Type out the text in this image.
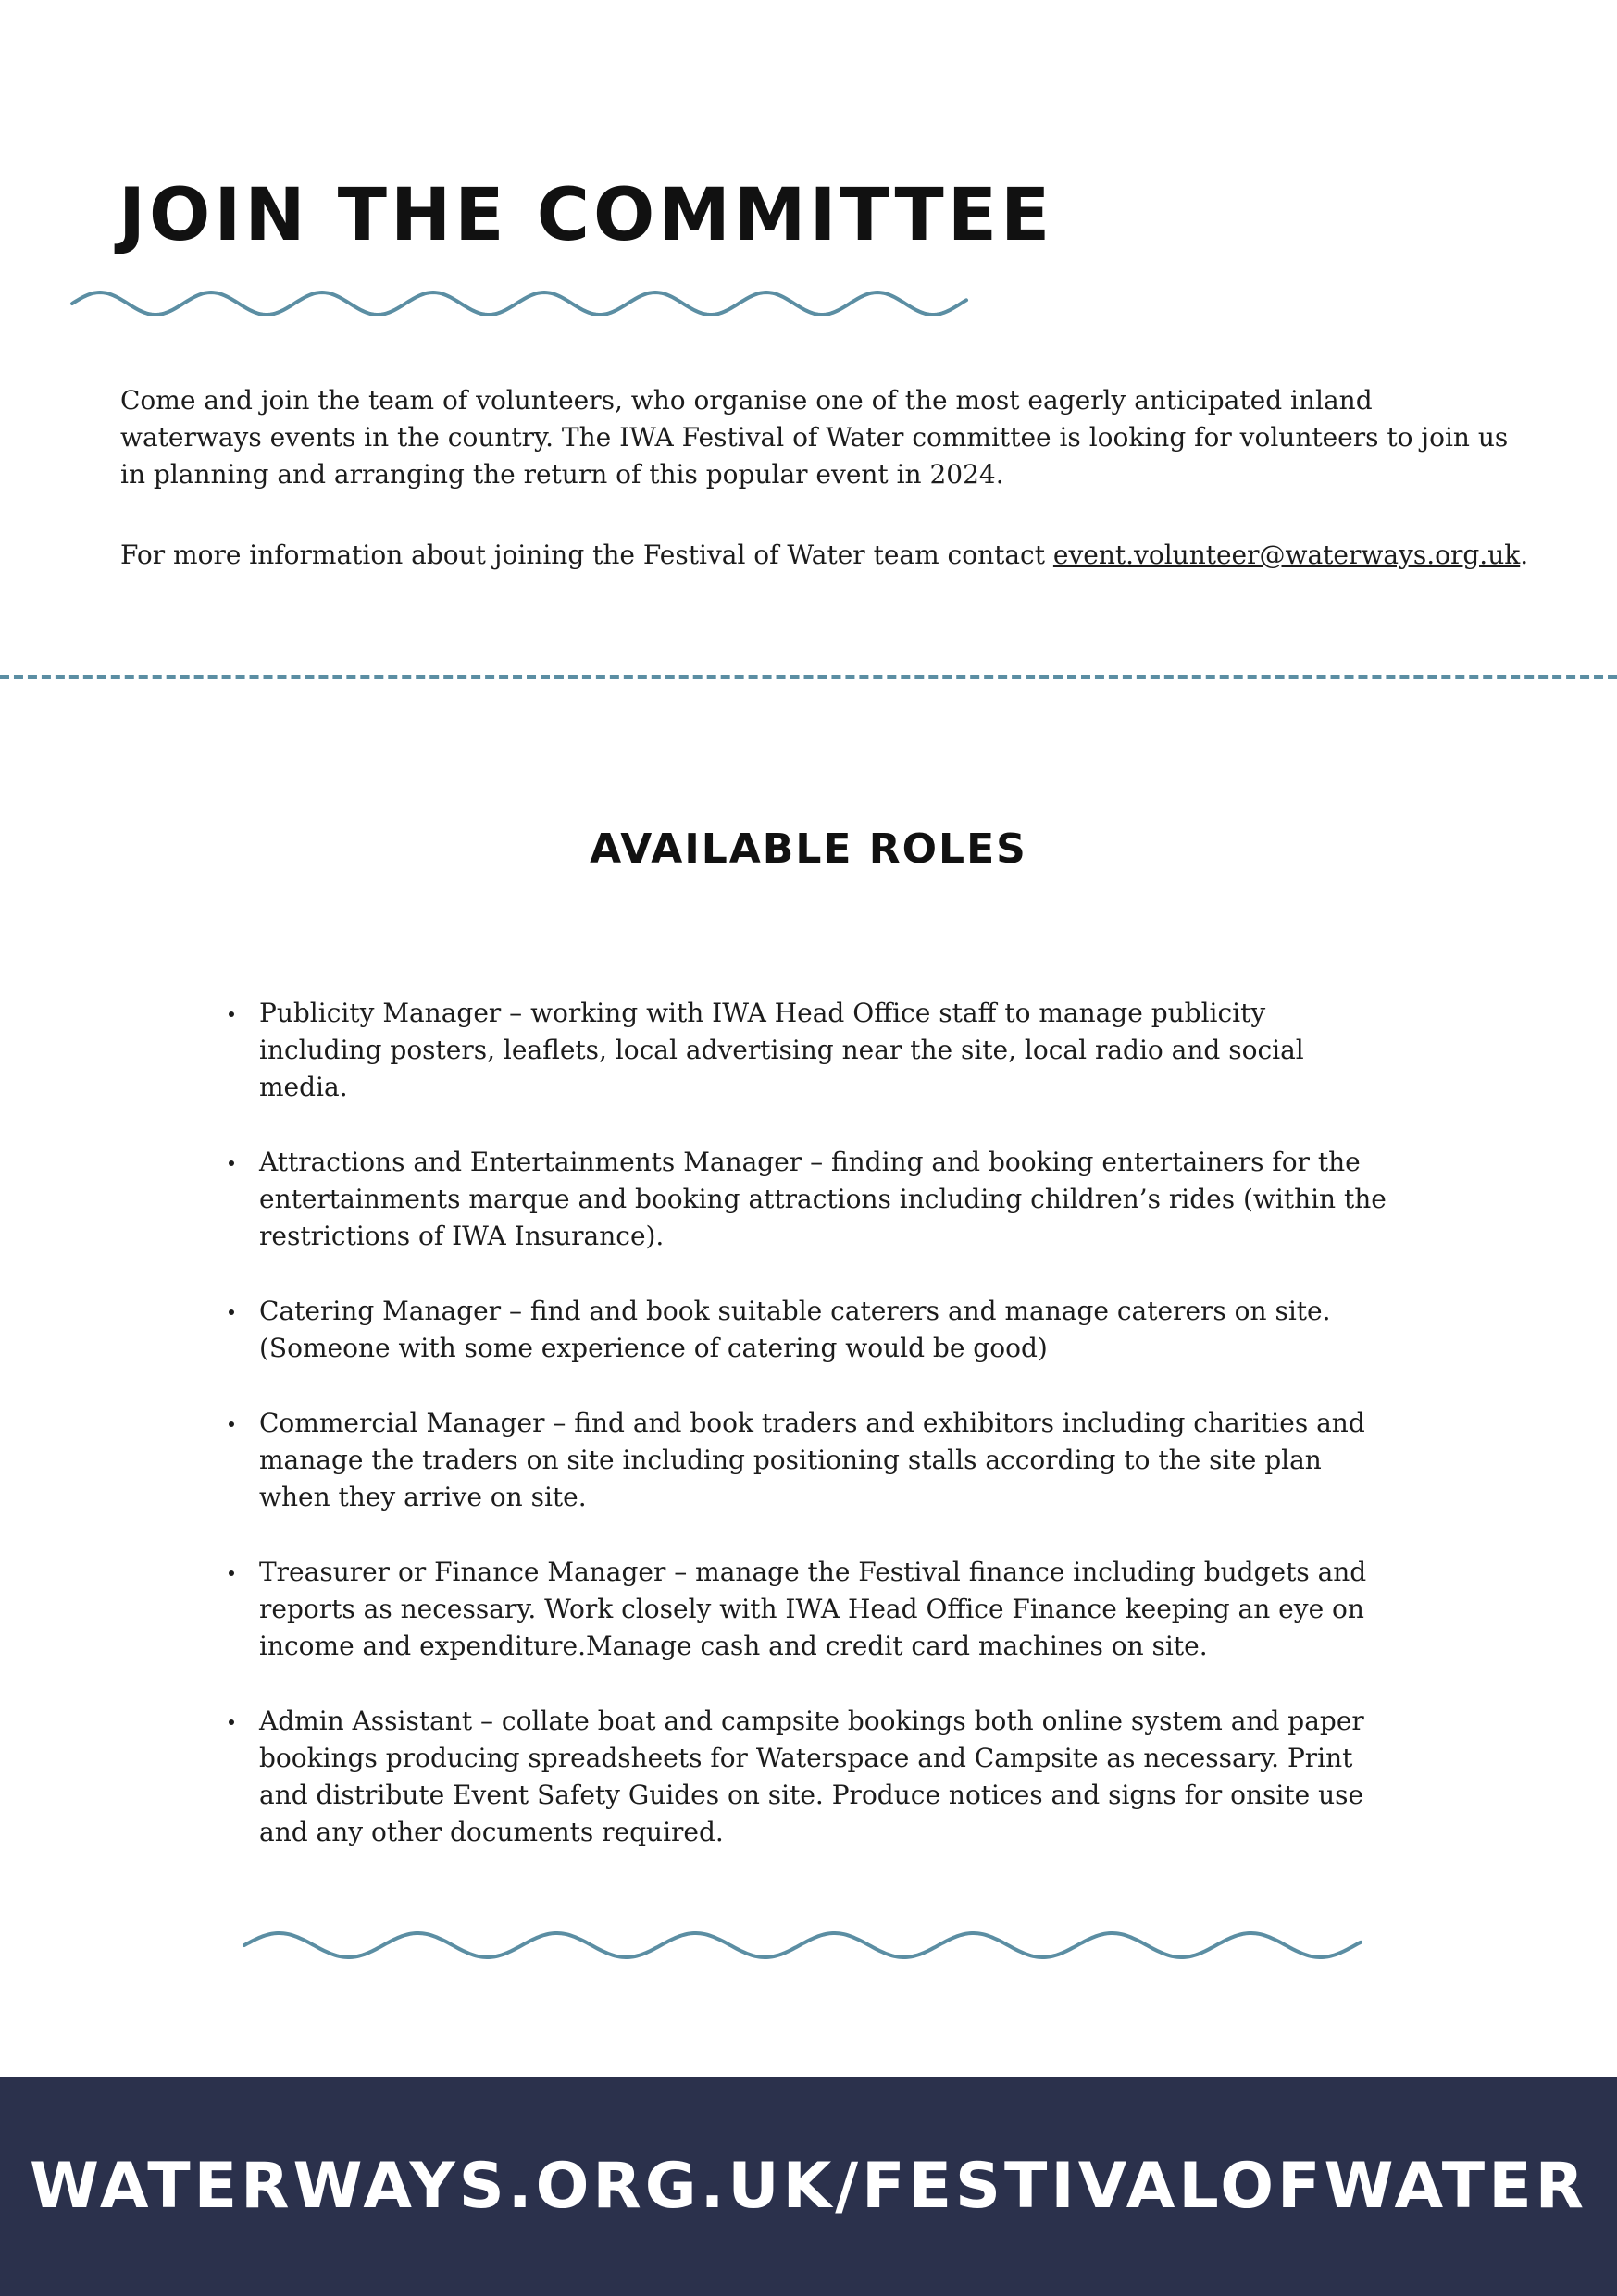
JOIN THE COMMITTEE

Come and join the team of volunteers, who organise one of the most eagerly anticipated inland waterways events in the country. The IWA Festival of Water committee is looking for volunteers to join us in planning and arranging the return of this popular event in 2024.

For more information about joining the Festival of Water team contact event.volunteer@waterways.org.uk.

AVAILABLE ROLES
Publicity Manager – working with IWA Head Office staff to manage publicity including posters, leaflets, local advertising near the site, local radio and social media.
Attractions and Entertainments Manager – finding and booking entertainers for the entertainments marque and booking attractions including children’s rides (within the restrictions of IWA Insurance).
Catering Manager – find and book suitable caterers and manage caterers on site. (Someone with some experience of catering would be good)
Commercial Manager – find and book traders and exhibitors including charities and manage the traders on site including positioning stalls according to the site plan when they arrive on site.
Treasurer or Finance Manager – manage the Festival finance including budgets and reports as necessary. Work closely with IWA Head Office Finance keeping an eye on income and expenditure.Manage cash and credit card machines on site.
Admin Assistant – collate boat and campsite bookings both online system and paper bookings producing spreadsheets for Waterspace and Campsite as necessary. Print and distribute Event Safety Guides on site. Produce notices and signs for onsite use and any other documents required.
WATERWAYS.ORG.UK/FESTIVALOFWATER
